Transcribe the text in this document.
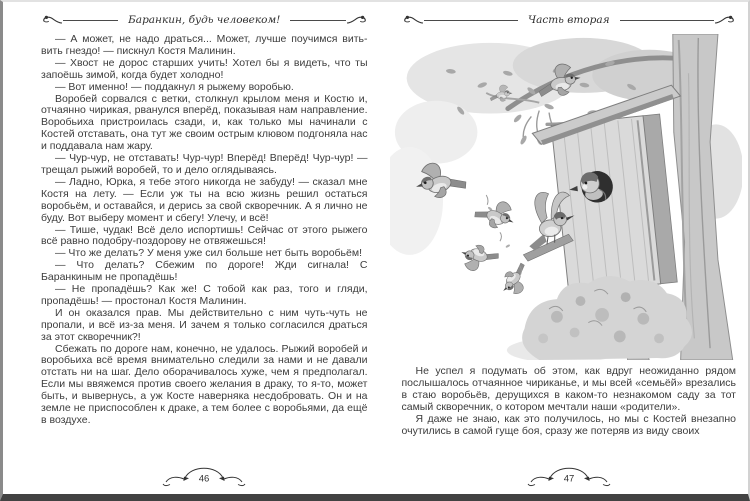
Баранкин, будь человеком!

— А может, не надо драться... Может, лучше поучимся вить-вить гнездо! — пискнул Костя Малинин.

— Хвост не дорос старших учить! Хотел бы я видеть, что ты запоёшь зимой, когда будет холодно!

— Вот именно! — поддакнул я рыжему воробью.

Воробей сорвался с ветки, столкнул крылом меня и Костю и, отчаянно чирикая, рванулся вперёд, показывая нам направление. Воробьиха пристроилась сзади, и, как только мы начинали с Костей отставать, она тут же своим острым клювом подгоняла нас и поддавала нам жару.

— Чур-чур, не отставать! Чур-чур! Вперёд! Вперёд! Чур-чур! — трещал рыжий воробей, то и дело оглядываясь.

— Ладно, Юрка, я тебе этого никогда не забуду! — сказал мне Костя на лету. — Если уж ты на всю жизнь решил остаться воробьём, и оставайся, и дерись за свой скворечник. А я лично не буду. Вот выберу момент и сбегу! Улечу, и всё!

— Тише, чудак! Всё дело испортишь! Сейчас от этого рыжего всё равно подобру-поздорову не отвяжешься!

— Что же делать? У меня уже сил больше нет быть воробьём!

— Что делать? Сбежим по дороге! Жди сигнала! С Баранкиным не пропадёшь!

— Не пропадёшь? Как же! С тобой как раз, того и гляди, пропадёшь! — простонал Костя Малинин.

И он оказался прав. Мы действительно с ним чуть-чуть не пропали, и всё из-за меня. И зачем я только согласился драться за этот скворечник?!

Сбежать по дороге нам, конечно, не удалось. Рыжий воробей и воробьиха всё время внимательно следили за нами и не давали отстать ни на шаг. Дело оборачивалось хуже, чем я предполагал. Если мы ввяжемся против своего желания в драку, то я-то, может быть, и вывернусь, а уж Косте наверняка несдобровать. Он и на земле не приспособлен к драке, а тем более с воробьями, да ещё в воздухе.

46
Часть вторая

Не успел я подумать об этом, как вдруг неожиданно рядом послышалось отчаянное чириканье, и мы всей «семьёй» врезались в стаю воробьёв, дерущихся в каком-то незнакомом саду за тот самый скворечник, о котором мечтали наши «родители».

Я даже не знаю, как это получилось, но мы с Костей внезапно очутились в самой гуще боя, сразу же потеряв из виду своих

47
